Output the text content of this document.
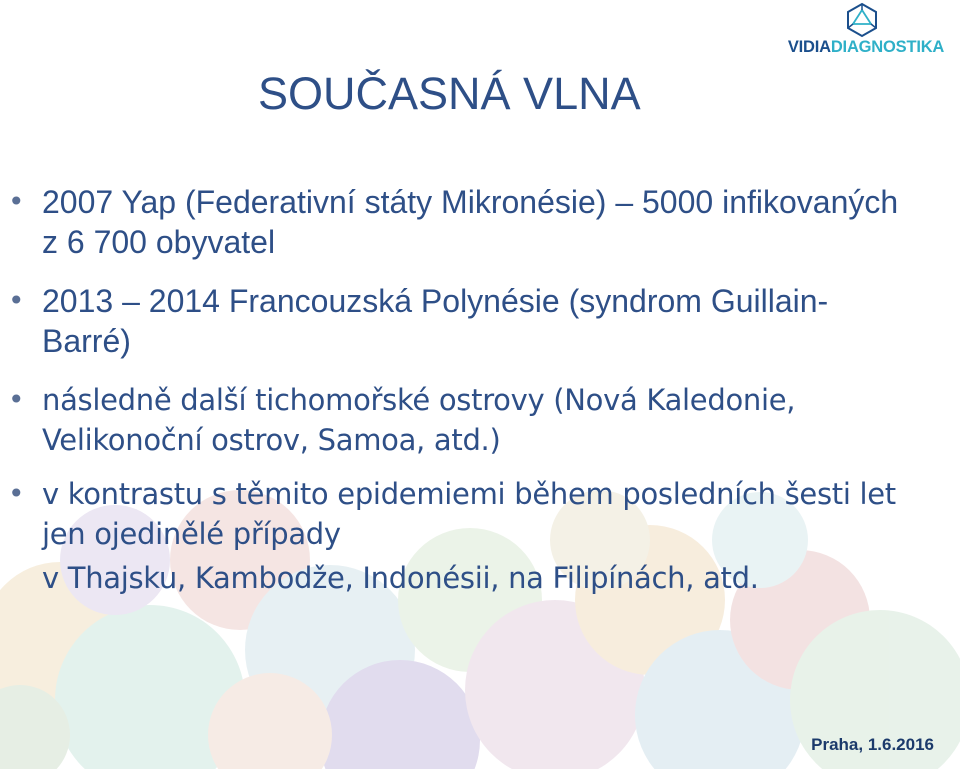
VIDIADIAGNOSTIKA
SOUČASNÁ VLNA
• 2007 Yap (Federativní státy Mikronésie) – 5000 infikovaných z 6 700 obyvatel
• 2013 – 2014 Francouzská Polynésie (syndrom Guillain-Barré)
• následně další tichomořské ostrovy (Nová Kaledonie, Velikonoční ostrov, Samoa, atd.)
• v kontrastu s těmito epidemiemi během posledních šesti let jen ojedinělé případy
v Thajsku, Kambodže, Indonésii, na Filipínách, atd.
Praha, 1.6.2016
